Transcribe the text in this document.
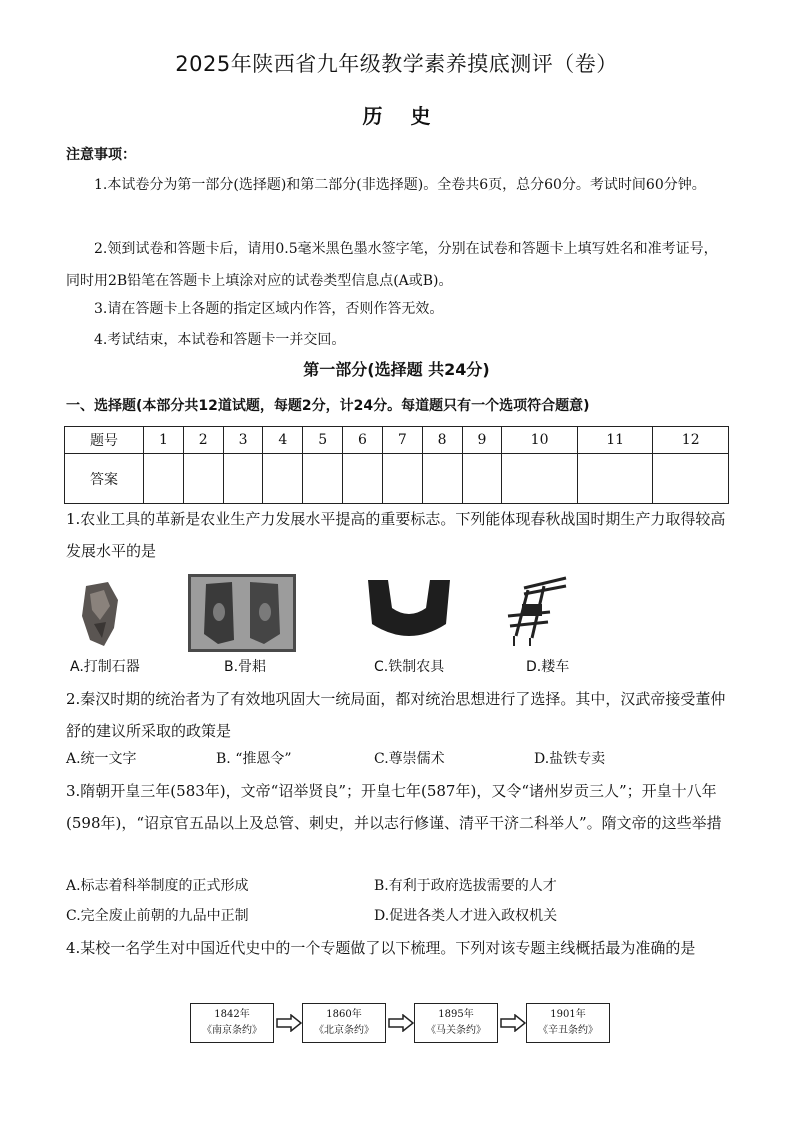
2025年陕西省九年级教学素养摸底测评（卷）
历史
注意事项：
1.本试卷分为第一部分(选择题)和第二部分(非选择题)。全卷共6页，总分60分。考试时间60分钟。
2.领到试卷和答题卡后，请用0.5毫米黑色墨水签字笔，分别在试卷和答题卡上填写姓名和准考证号，同时用2B铅笔在答题卡上填涂对应的试卷类型信息点(A或B)。
3.请在答题卡上各题的指定区域内作答，否则作答无效。
4.考试结束，本试卷和答题卡一并交回。
第一部分(选择题 共24分)
一、选择题(本部分共12道试题，每题2分，计24分。每道题只有一个选项符合题意)
题号	1	2	3	4	5	6	7	8	9	10	11	12
答案												
1.农业工具的革新是农业生产力发展水平提高的重要标志。下列能体现春秋战国时期生产力取得较高发展水平的是
A.打制石器	B.骨耜	C.铁制农具	D.耧车
2.秦汉时期的统治者为了有效地巩固大一统局面，都对统治思想进行了选择。其中，汉武帝接受董仲舒的建议所采取的政策是
A.统一文字	B. “推恩令”	C.尊崇儒术	D.盐铁专卖
3.隋朝开皇三年(583年)，文帝“诏举贤良”；开皇七年(587年)，又令“诸州岁贡三人”；开皇十八年(598年)，“诏京官五品以上及总管、刺史，并以志行修谨、清平干济二科举人”。隋文帝的这些举措
A.标志着科举制度的正式形成	B.有利于政府选拔需要的人才
C.完全废止前朝的九品中正制	D.促进各类人才进入政权机关
4.某校一名学生对中国近代史中的一个专题做了以下梳理。下列对该专题主线概括最为准确的是
1842年
《南京条约》
1860年
《北京条约》
1895年
《马关条约》
1901年
《辛丑条约》
